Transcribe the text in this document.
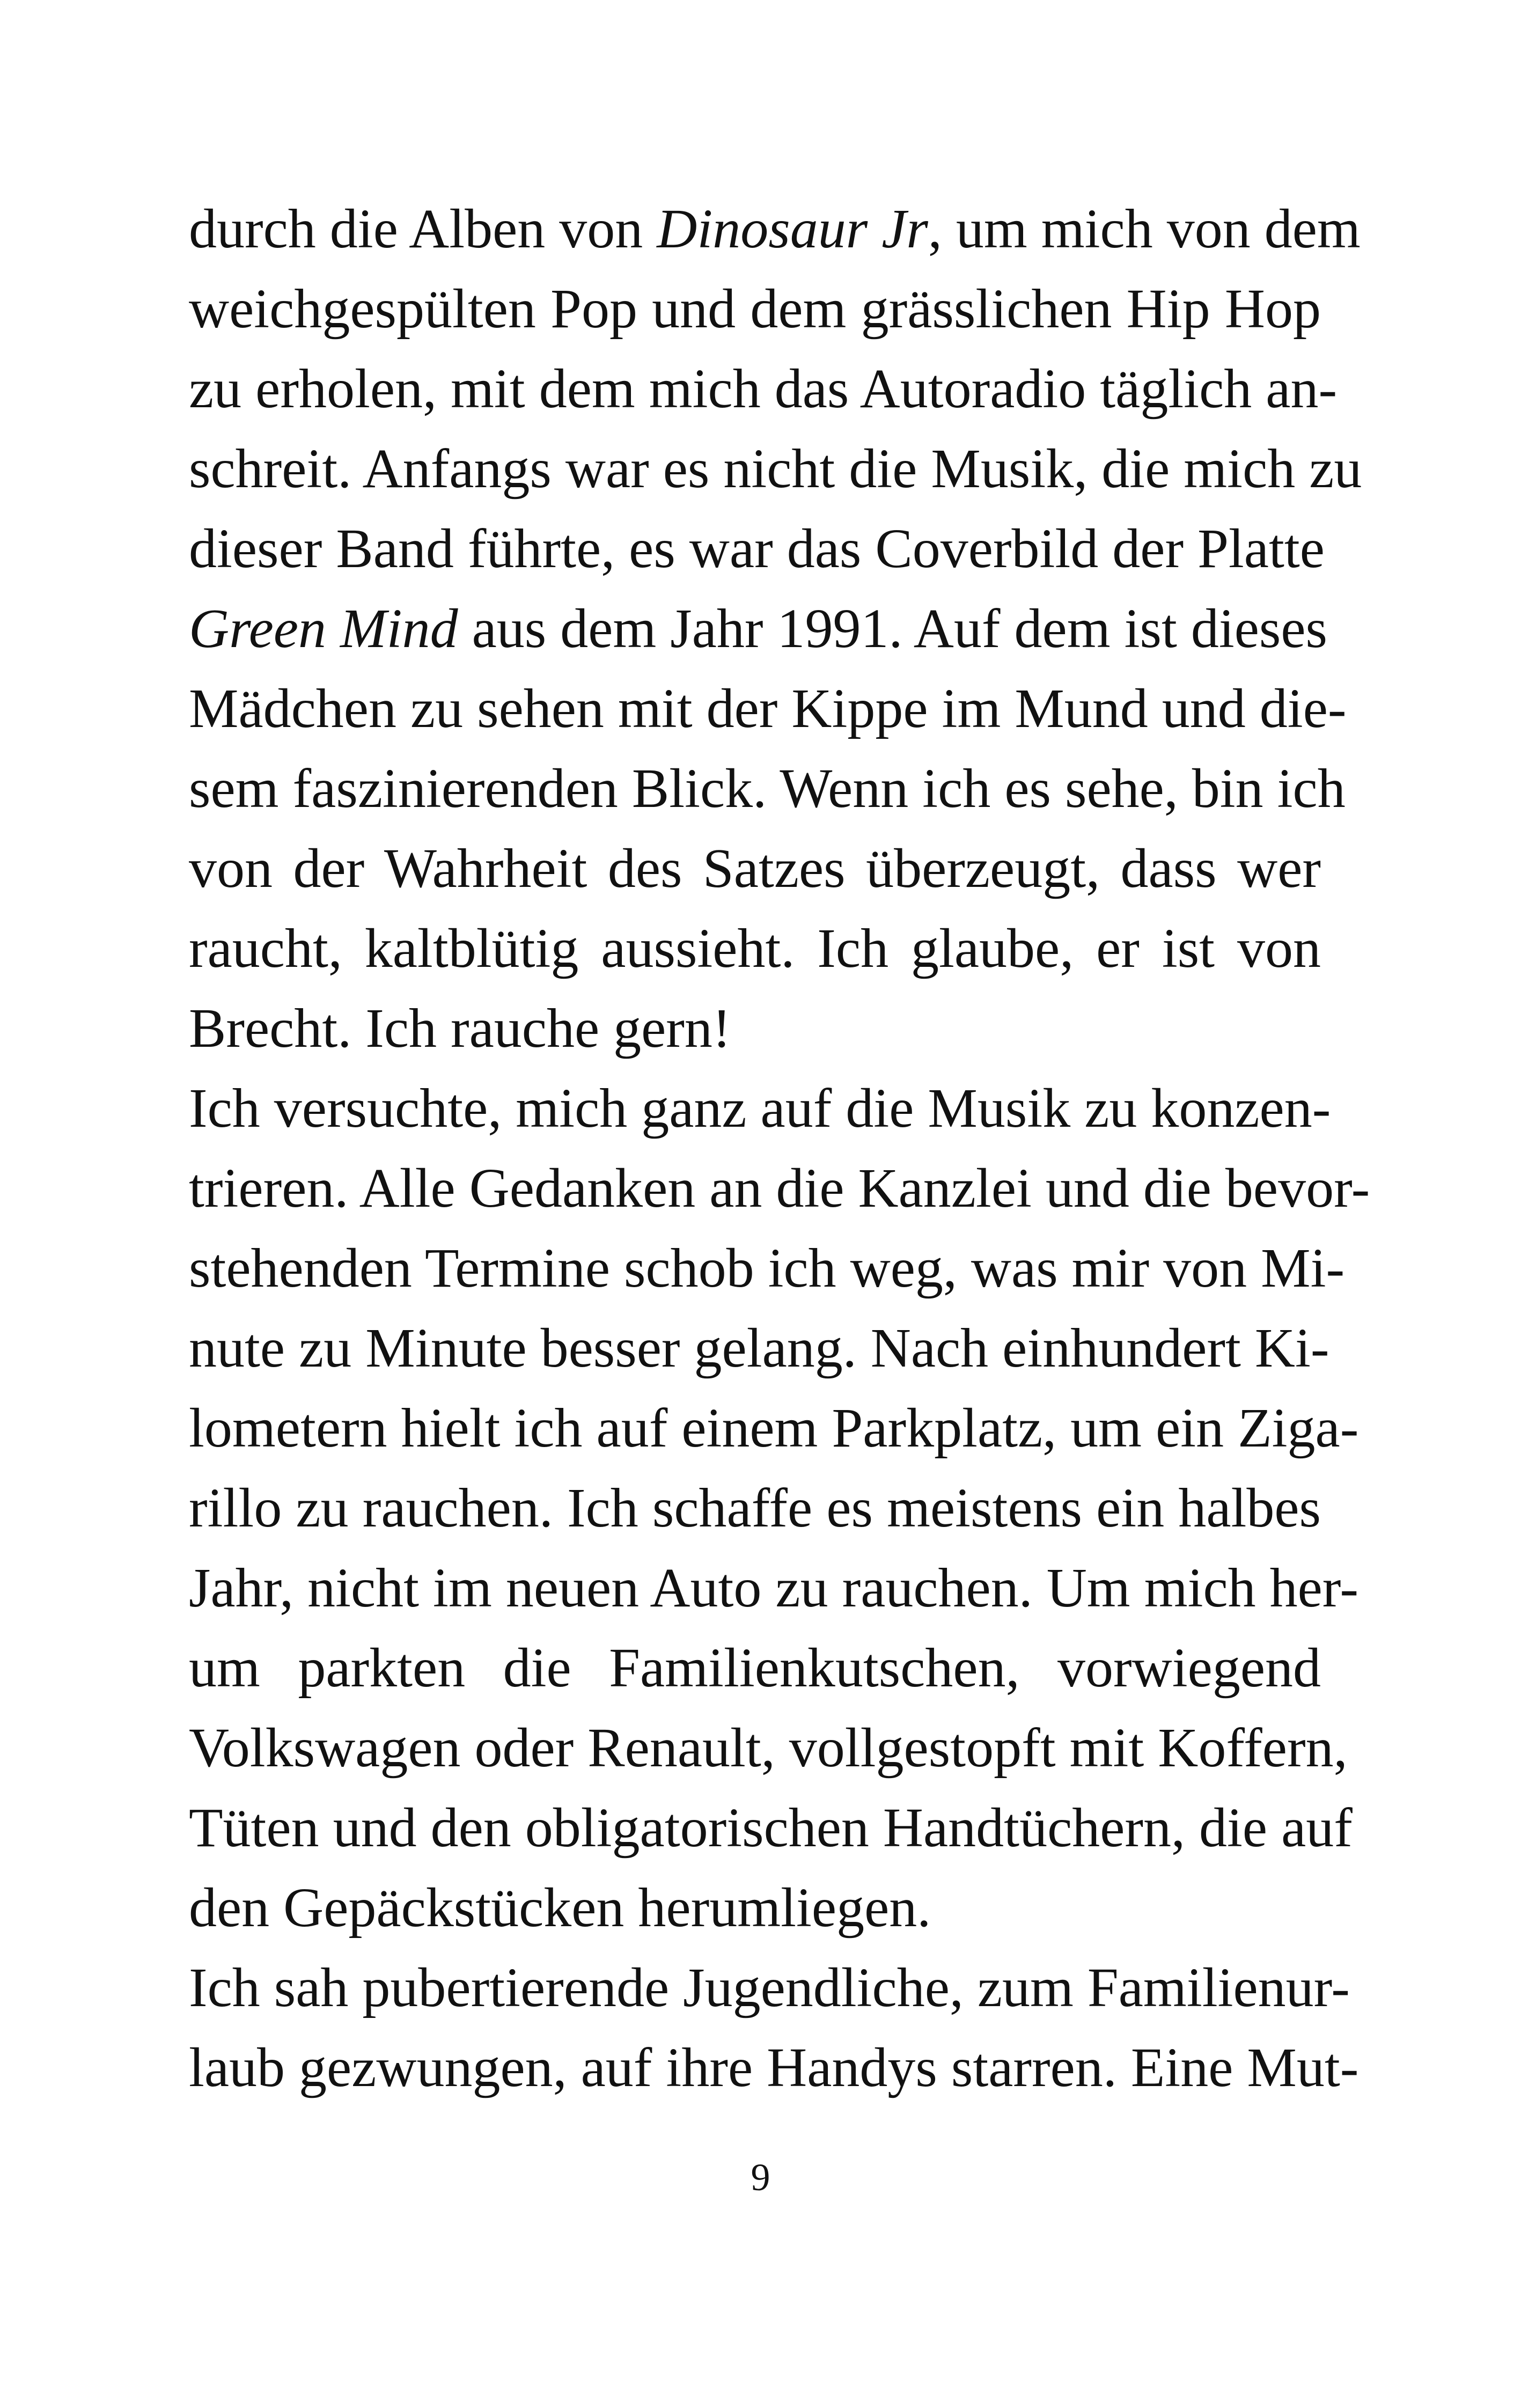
durch die Alben von Dinosaur Jr, um mich von dem
weichgespülten Pop und dem grässlichen Hip Hop
zu erholen, mit dem mich das Autoradio täglich an-
schreit. Anfangs war es nicht die Musik, die mich zu
dieser Band führte, es war das Coverbild der Platte
Green Mind aus dem Jahr 1991. Auf dem ist dieses
Mädchen zu sehen mit der Kippe im Mund und die-
sem faszinierenden Blick. Wenn ich es sehe, bin ich
von der Wahrheit des Satzes überzeugt, dass wer
raucht, kaltblütig aussieht. Ich glaube, er ist von
Brecht. Ich rauche gern!
Ich versuchte, mich ganz auf die Musik zu konzen-
trieren. Alle Gedanken an die Kanzlei und die bevor-
stehenden Termine schob ich weg, was mir von Mi-
nute zu Minute besser gelang. Nach einhundert Ki-
lometern hielt ich auf einem Parkplatz, um ein Ziga-
rillo zu rauchen. Ich schaffe es meistens ein halbes
Jahr, nicht im neuen Auto zu rauchen. Um mich her-
um parkten die Familienkutschen, vorwiegend
Volkswagen oder Renault, vollgestopft mit Koffern,
Tüten und den obligatorischen Handtüchern, die auf
den Gepäckstücken herumliegen.
Ich sah pubertierende Jugendliche, zum Familienur-
laub gezwungen, auf ihre Handys starren. Eine Mut-
9
